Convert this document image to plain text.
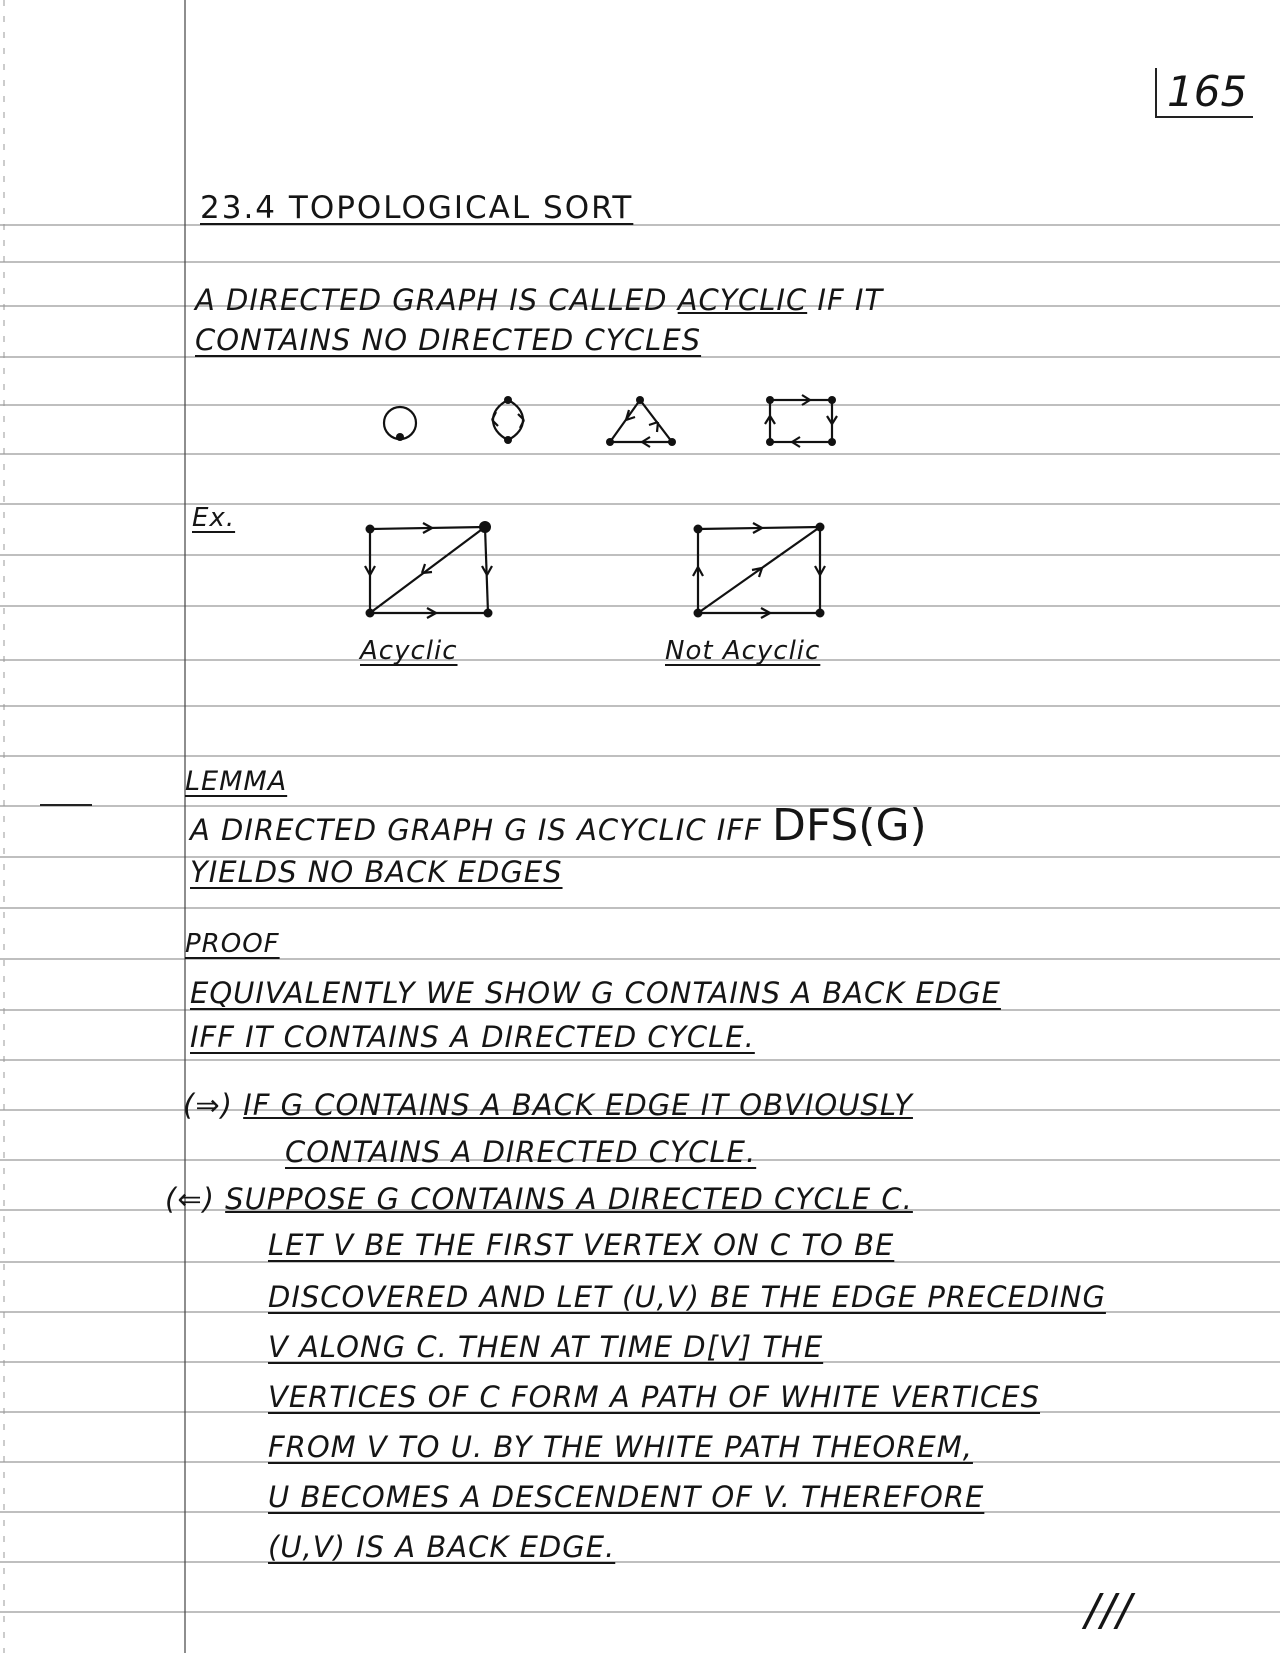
165
23.4 TOPOLOGICAL SORT
A DIRECTED GRAPH IS CALLED ACYCLIC IF IT
CONTAINS NO DIRECTED CYCLES
Ex.
Acyclic	Not Acyclic
LEMMA
A DIRECTED GRAPH G IS ACYCLIC IFF DFS(G)
YIELDS NO BACK EDGES
PROOF
EQUIVALENTLY WE SHOW G CONTAINS A BACK EDGE
IFF IT CONTAINS A DIRECTED CYCLE.
(⇒) IF G CONTAINS A BACK EDGE IT OBVIOUSLY
CONTAINS A DIRECTED CYCLE.
(⇐) SUPPOSE G CONTAINS A DIRECTED CYCLE C.
LET V BE THE FIRST VERTEX ON C TO BE
DISCOVERED AND LET (U,V) BE THE EDGE PRECEDING
V ALONG C. THEN AT TIME D[V] THE
VERTICES OF C FORM A PATH OF WHITE VERTICES
FROM V TO U. BY THE WHITE PATH THEOREM,
U BECOMES A DESCENDENT OF V. THEREFORE
(U,V) IS A BACK EDGE.
///
